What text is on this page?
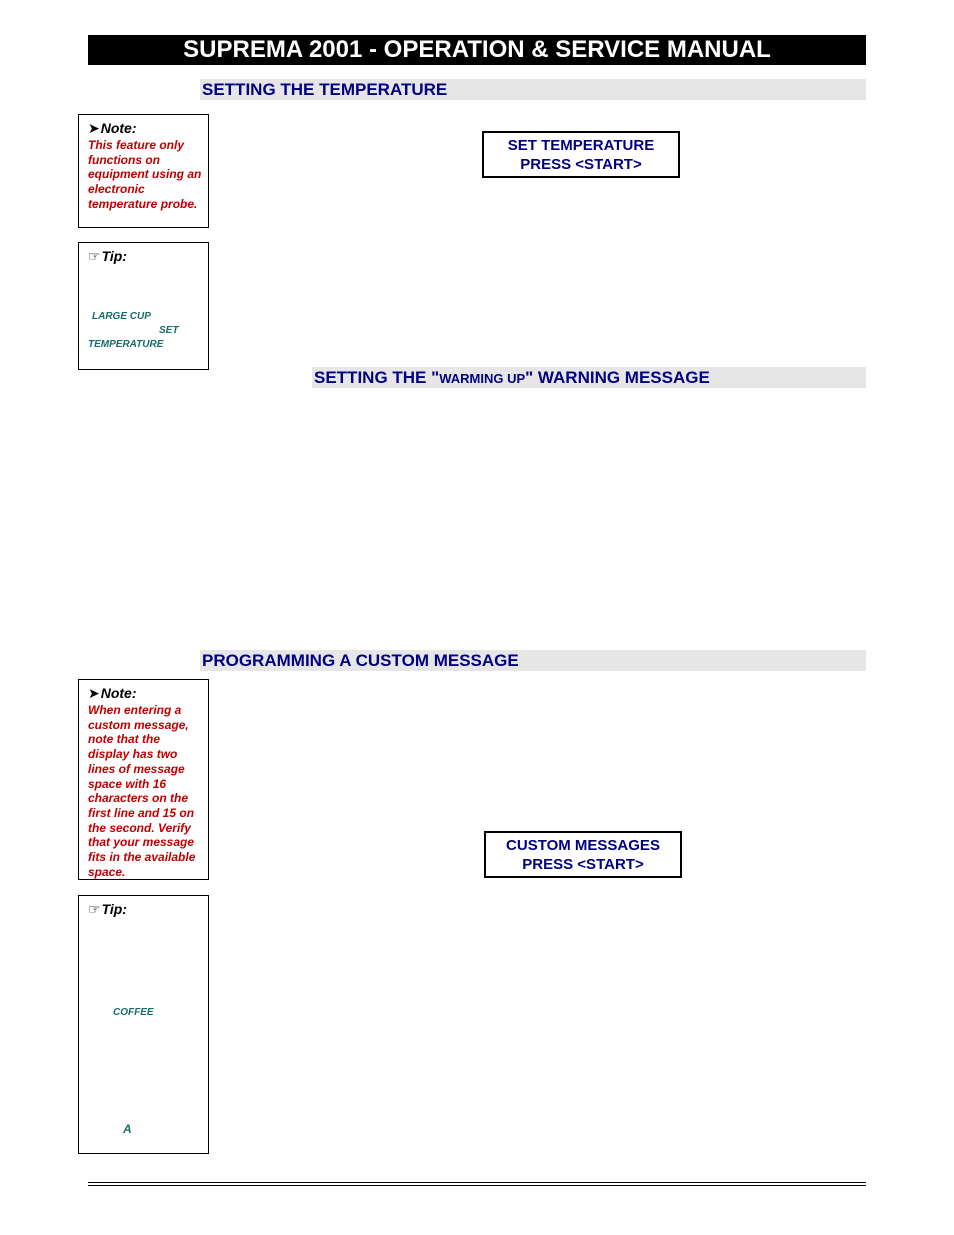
SUPREMA 2001 - OPERATION & SERVICE MANUAL
SETTING THE TEMPERATURE
➤Note:
This feature only functions on equipment using an electronic temperature probe.
SET TEMPERATURE
PRESS <START>
☞Tip:
LARGE CUP
SET
TEMPERATURE
SETTING THE "WARMING UP" WARNING MESSAGE
PROGRAMMING A CUSTOM MESSAGE
➤Note:
When entering a custom message, note that the display has two lines of message space with 16 characters on the first line and 15 on the second. Verify that your message fits in the available space.
CUSTOM MESSAGES
PRESS <START>
☞Tip:
COFFEE
A
